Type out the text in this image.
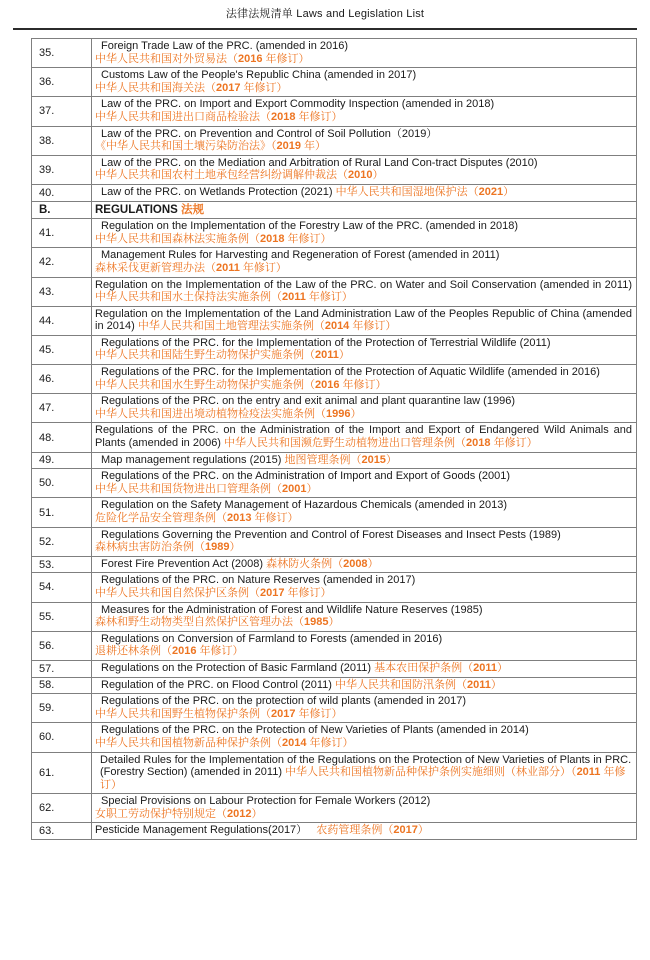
法律法规清单 Laws and Legislation List
35.	Foreign Trade Law of the PRC. (amended in 2016)
中华人民共和国对外贸易法（2016 年修订）

36.	Customs Law of the People's Republic China (amended in 2017)
中华人民共和国海关法（2017 年修订）

37.	Law of the PRC. on Import and Export Commodity Inspection (amended in 2018)
中华人民共和国进出口商品检验法（2018 年修订）

38.	Law of the PRC. on Prevention and Control of Soil Pollution（2019）
《中华人民共和国土壤污染防治法》（2019 年）

39.	Law of the PRC. on the Mediation and Arbitration of Rural Land Con-tract Disputes (2010)
中华人民共和国农村土地承包经营纠纷调解仲裁法（2010）

40.	Law of the PRC. on Wetlands Protection (2021) 中华人民共和国湿地保护法（2021）

B.	REGULATIONS 法规

41.	Regulation on the Implementation of the Forestry Law of the PRC. (amended in 2018)
中华人民共和国森林法实施条例（2018 年修订）

42.	Management Rules for Harvesting and Regeneration of Forest (amended in 2011)
森林采伐更新管理办法（2011 年修订）

43.	Regulation on the Implementation of the Law of the PRC. on Water and Soil Conservation (amended in 2011) 中华人民共和国水土保持法实施条例（2011 年修订）

44.	Regulation on the Implementation of the Land Administration Law of the Peoples Republic of China (amended in 2014) 中华人民共和国土地管理法实施条例（2014 年修订）

45.	Regulations of the PRC. for the Implementation of the Protection of Terrestrial Wildlife (2011)
中华人民共和国陆生野生动物保护实施条例（2011）

46.	Regulations of the PRC. for the Implementation of the Protection of Aquatic Wildlife (amended in 2016)
中华人民共和国水生野生动物保护实施条例（2016 年修订）

47.	Regulations of the PRC. on the entry and exit animal and plant quarantine law (1996)
中华人民共和国进出境动植物检疫法实施条例（1996）

48.	Regulations of the PRC. on the Administration of the Import and Export of Endangered Wild Animals and Plants (amended in 2006) 中华人民共和国濒危野生动植物进出口管理条例（2018 年修订）

49.	Map management regulations (2015) 地图管理条例（2015）

50.	Regulations of the PRC. on the Administration of Import and Export of Goods (2001)
中华人民共和国货物进出口管理条例（2001）

51.	Regulation on the Safety Management of Hazardous Chemicals (amended in 2013)
危险化学品安全管理条例（2013 年修订）

52.	Regulations Governing the Prevention and Control of Forest Diseases and Insect Pests (1989)
森林病虫害防治条例（1989）

53.	Forest Fire Prevention Act (2008) 森林防火条例（2008）

54.	Regulations of the PRC. on Nature Reserves (amended in 2017)
中华人民共和国自然保护区条例（2017 年修订）

55.	Measures for the Administration of Forest and Wildlife Nature Reserves (1985)
森林和野生动物类型自然保护区管理办法（1985）

56.	Regulations on Conversion of Farmland to Forests (amended in 2016)
退耕还林条例（2016 年修订）

57.	Regulations on the Protection of Basic Farmland (2011) 基本农田保护条例（2011）

58.	Regulation of the PRC. on Flood Control (2011) 中华人民共和国防汛条例（2011）

59.	Regulations of the PRC. on the protection of wild plants (amended in 2017)
中华人民共和国野生植物保护条例（2017 年修订）

60.	Regulations of the PRC. on the Protection of New Varieties of Plants (amended in 2014)
中华人民共和国植物新品种保护条例（2014 年修订）

61.	Detailed Rules for the Implementation of the Regulations on the Protection of New Varieties of Plants in PRC. (Forestry Section) (amended in 2011) 中华人民共和国植物新品种保护条例实施细则（林业部分）（2011 年修订）

62.	Special Provisions on Labour Protection for Female Workers (2012)
女职工劳动保护特别规定（2012）

63.	Pesticide Management Regulations(2017） 农药管理条例（2017）
